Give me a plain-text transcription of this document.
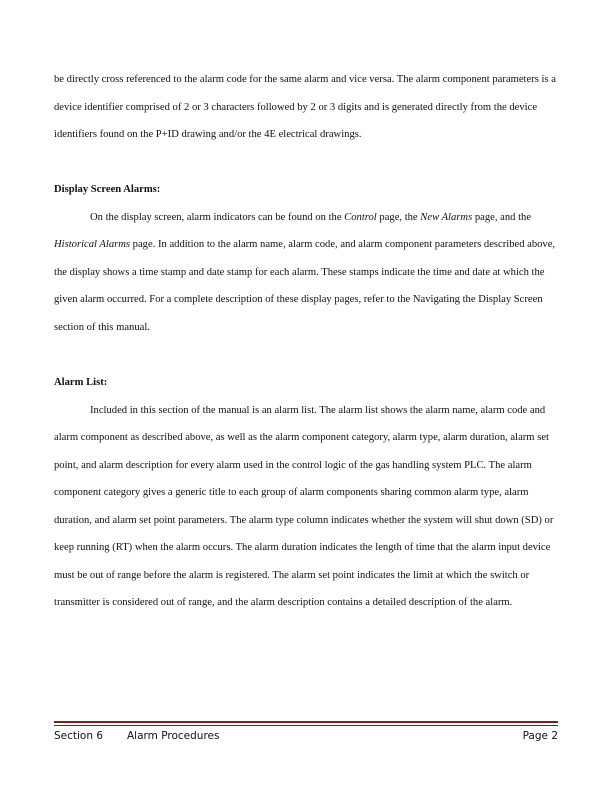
be directly cross referenced to the alarm code for the same alarm and vice versa. The alarm component parameters is a device identifier comprised of 2 or 3 characters followed by 2 or 3 digits and is generated directly from the device identifiers found on the P+ID drawing and/or the 4E electrical drawings.

Display Screen Alarms:

On the display screen, alarm indicators can be found on the Control page, the New Alarms page, and the Historical Alarms page. In addition to the alarm name, alarm code, and alarm component parameters described above, the display shows a time stamp and date stamp for each alarm. These stamps indicate the time and date at which the given alarm occurred. For a complete description of these display pages, refer to the Navigating the Display Screen section of this manual.

Alarm List:

Included in this section of the manual is an alarm list. The alarm list shows the alarm name, alarm code and alarm component as described above, as well as the alarm component category, alarm type, alarm duration, alarm set point, and alarm description for every alarm used in the control logic of the gas handling system PLC. The alarm component category gives a generic title to each group of alarm components sharing common alarm type, alarm duration, and alarm set point parameters. The alarm type column indicates whether the system will shut down (SD) or keep running (RT) when the alarm occurs. The alarm duration indicates the length of time that the alarm input device must be out of range before the alarm is registered. The alarm set point indicates the limit at which the switch or transmitter is considered out of range, and the alarm description contains a detailed description of the alarm.

Section 6 Alarm Procedures	Page 2
